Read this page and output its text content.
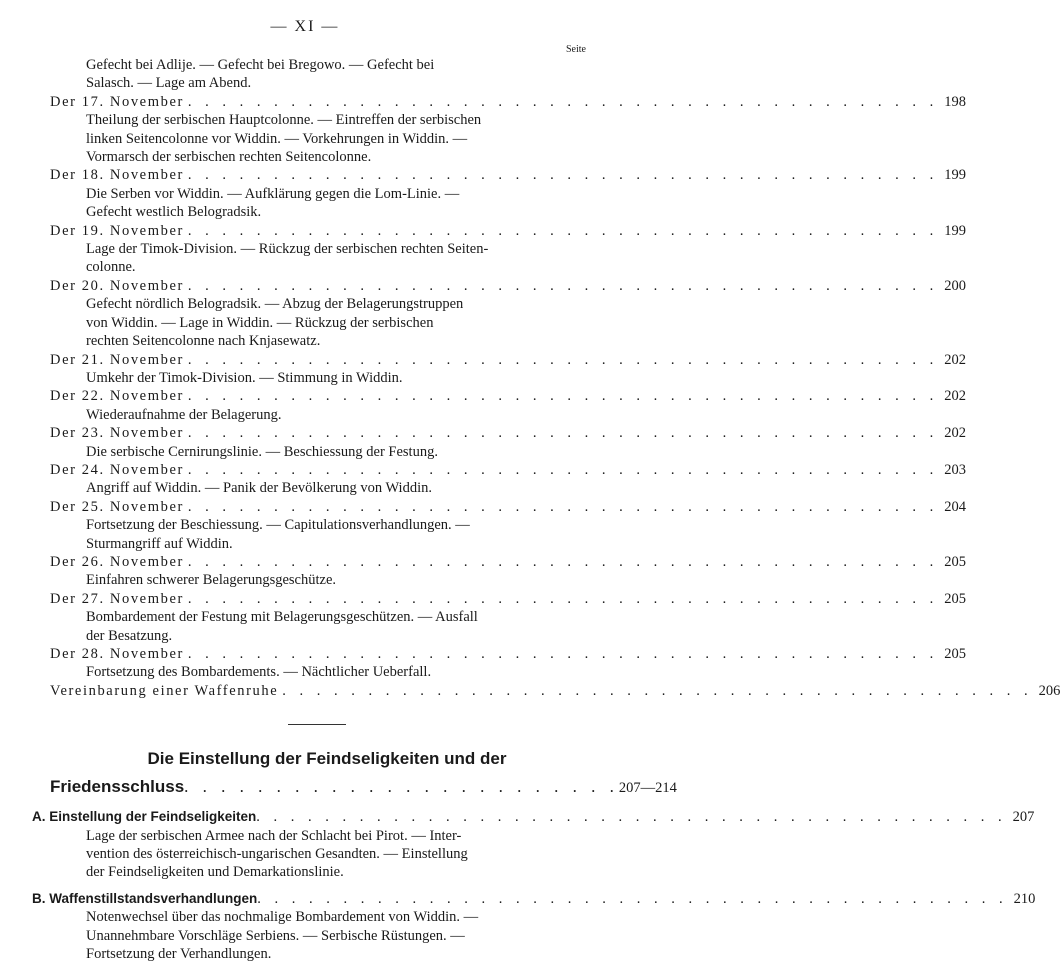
— XI —
Seite
Gefecht bei Adlije. — Gefecht bei Bregowo. — Gefecht bei
Salasch. — Lage am Abend.
Der 17. November . . . . . . . . . . . . . . . . . . . . . . . . . . . . . . . . . . . . . . . . . . . . 198
Theilung der serbischen Hauptcolonne. — Eintreffen der serbischen
linken Seitencolonne vor Widdin. — Vorkehrungen in Widdin. —
Vormarsch der serbischen rechten Seitencolonne.
Der 18. November . . . . . . . . . . . . . . . . . . . . . . . . . . . . . . . . . . . . . . . . . . . . 199
Die Serben vor Widdin. — Aufklärung gegen die Lom-Linie. —
Gefecht westlich Belogradsik.
Der 19. November . . . . . . . . . . . . . . . . . . . . . . . . . . . . . . . . . . . . . . . . . . . . 199
Lage der Timok-Division. — Rückzug der serbischen rechten Seiten-
colonne.
Der 20. November . . . . . . . . . . . . . . . . . . . . . . . . . . . . . . . . . . . . . . . . . . . . 200
Gefecht nördlich Belogradsik. — Abzug der Belagerungstruppen
von Widdin. — Lage in Widdin. — Rückzug der serbischen
rechten Seitencolonne nach Knjasewatz.
Der 21. November . . . . . . . . . . . . . . . . . . . . . . . . . . . . . . . . . . . . . . . . . . . . 202
Umkehr der Timok-Division. — Stimmung in Widdin.
Der 22. November . . . . . . . . . . . . . . . . . . . . . . . . . . . . . . . . . . . . . . . . . . . . 202
Wiederaufnahme der Belagerung.
Der 23. November . . . . . . . . . . . . . . . . . . . . . . . . . . . . . . . . . . . . . . . . . . . . 202
Die serbische Cernirungslinie. — Beschiessung der Festung.
Der 24. November . . . . . . . . . . . . . . . . . . . . . . . . . . . . . . . . . . . . . . . . . . . . 203
Angriff auf Widdin. — Panik der Bevölkerung von Widdin.
Der 25. November . . . . . . . . . . . . . . . . . . . . . . . . . . . . . . . . . . . . . . . . . . . . 204
Fortsetzung der Beschiessung. — Capitulationsverhandlungen. —
Sturmangriff auf Widdin.
Der 26. November . . . . . . . . . . . . . . . . . . . . . . . . . . . . . . . . . . . . . . . . . . . . 205
Einfahren schwerer Belagerungsgeschütze.
Der 27. November . . . . . . . . . . . . . . . . . . . . . . . . . . . . . . . . . . . . . . . . . . . . 205
Bombardement der Festung mit Belagerungsgeschützen. — Ausfall
der Besatzung.
Der 28. November . . . . . . . . . . . . . . . . . . . . . . . . . . . . . . . . . . . . . . . . . . . . 205
Fortsetzung des Bombardements. — Nächtlicher Ueberfall.
Vereinbarung einer Waffenruhe . . . . . . . . . . . . . . . . . . . . . . . . . . . . . . . . . . . . . . . . . . . . 206
Die Einstellung der Feindseligkeiten und der
Friedensschluss . . . . . . . . . . . . . . . . . . . . . . . . 207—214
A. Einstellung der Feindseligkeiten . . . . . . . . . . . . . . . . . . . . . . . . . . . . . . . . . . . . . . . . . . . . 207
Lage der serbischen Armee nach der Schlacht bei Pirot. — Inter-
vention des österreichisch-ungarischen Gesandten. — Einstellung
der Feindseligkeiten und Demarkationslinie.
B. Waffenstillstandsverhandlungen . . . . . . . . . . . . . . . . . . . . . . . . . . . . . . . . . . . . . . . . . . . . 210
Notenwechsel über das nochmalige Bombardement von Widdin. —
Unannehmbare Vorschläge Serbiens. — Serbische Rüstungen. —
Fortsetzung der Verhandlungen.
